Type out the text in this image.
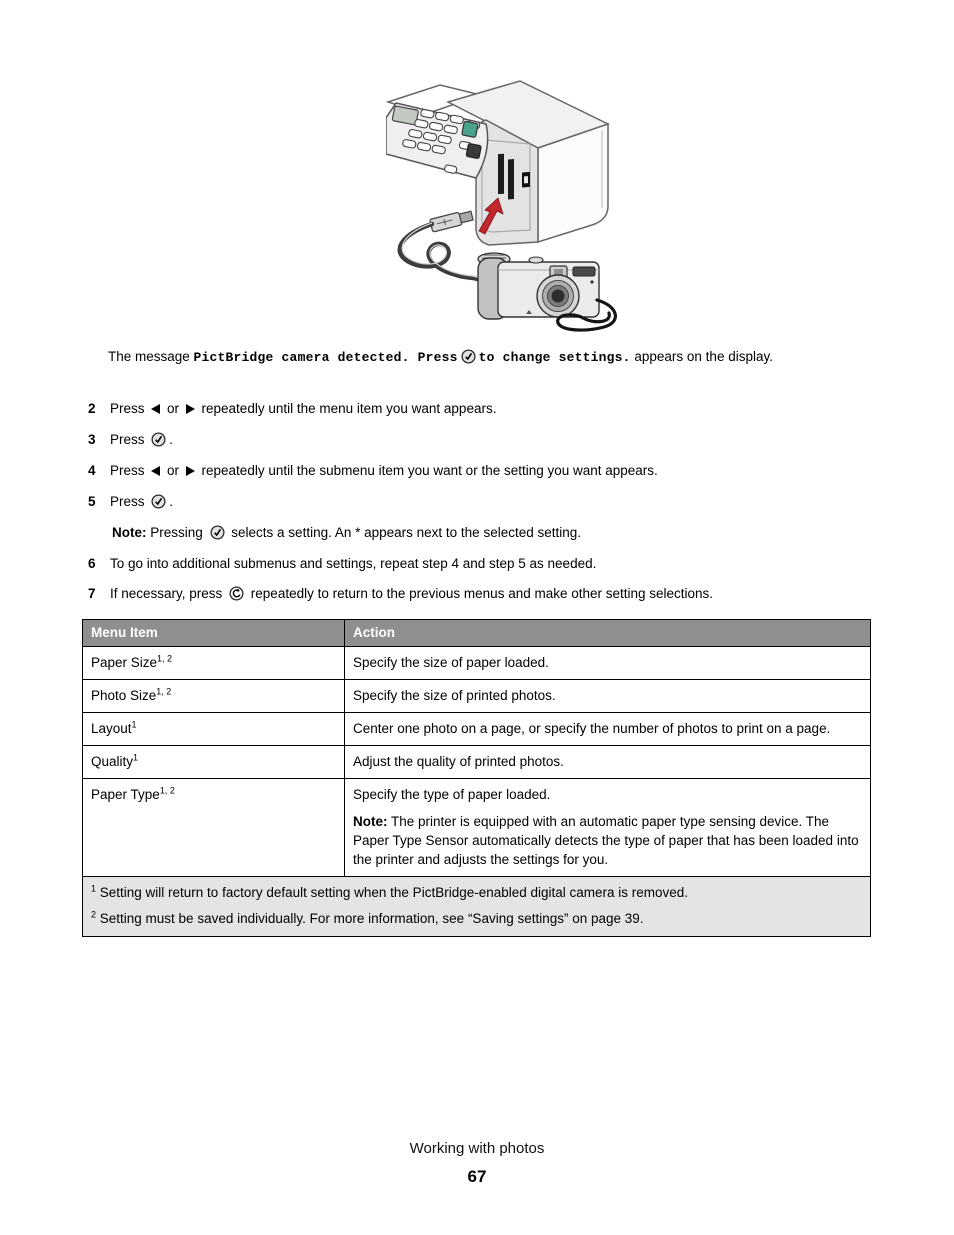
The message PictBridge camera detected. Press to change settings. appears on the display.
2	Press  or  repeatedly until the menu item you want appears.
3	Press .
4	Press  or  repeatedly until the submenu item you want or the setting you want appears.
5	Press .
Note: Pressing  selects a setting. An * appears next to the selected setting.
6	To go into additional submenus and settings, repeat step 4 and step 5 as needed.
7	If necessary, press  repeatedly to return to the previous menus and make other setting selections.
Menu Item	Action
Paper Size$^{1, 2}$	Specify the size of paper loaded.
Photo Size$^{1, 2}$	Specify the size of printed photos.
Layout$^1$	Center one photo on a page, or specify the number of photos to print on a page.
Quality$^1$	Adjust the quality of printed photos.
Paper Type$^{1, 2}$	Specify the type of paper loaded.

Note: The printer is equipped with an automatic paper type sensing device. The Paper Type Sensor automatically detects the type of paper that has been loaded into the printer and adjusts the settings for you.

$^1$ Setting will return to factory default setting when the PictBridge-enabled digital camera is removed.

$^2$ Setting must be saved individually. For more information, see “Saving settings” on page 39.

Working with photos
67
